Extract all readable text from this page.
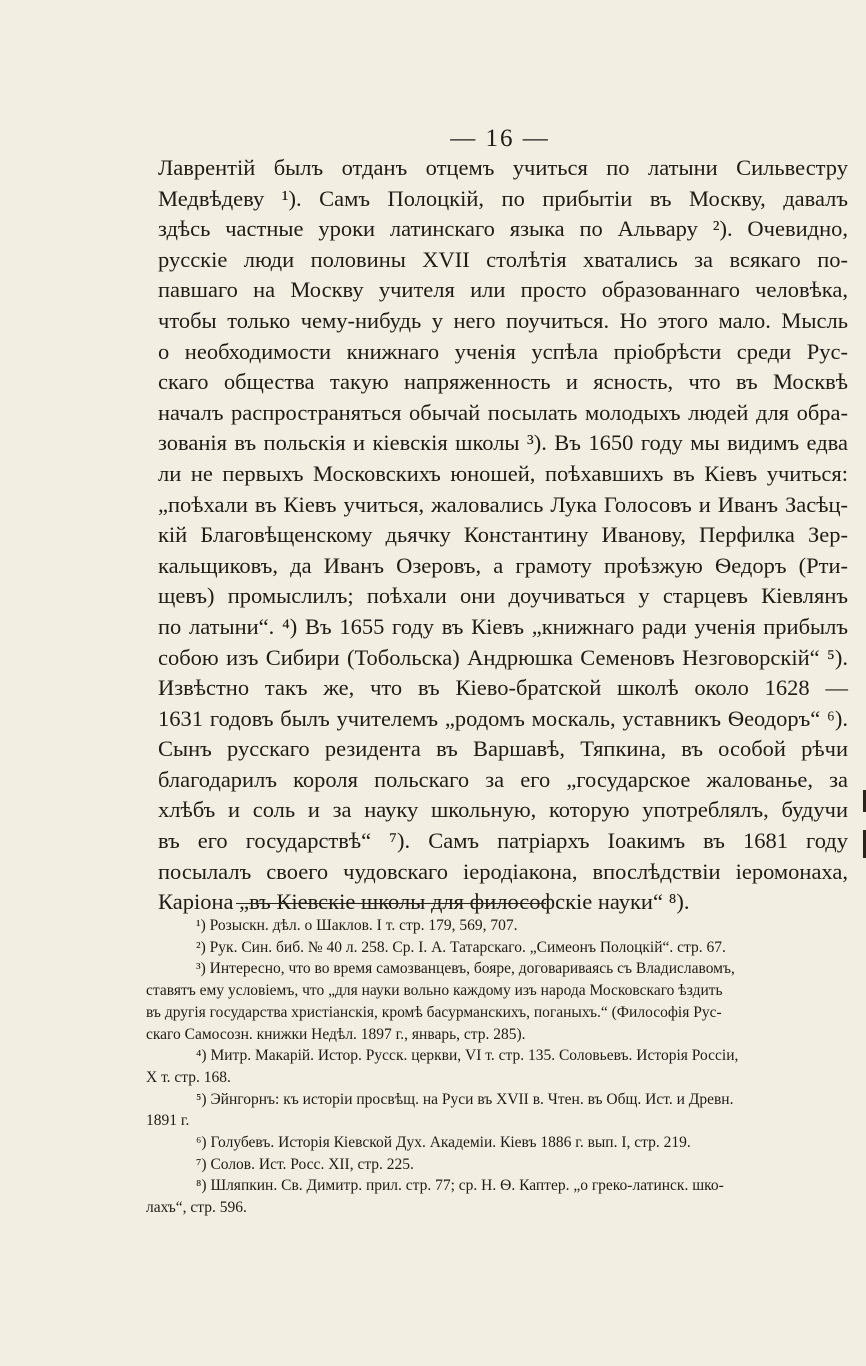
— 16 —
Лаврентій былъ отданъ отцемъ учиться по латыни Сильвестру
Медвѣдеву ¹). Самъ Полоцкій, по прибытіи въ Москву, давалъ
здѣсь частные уроки латинскаго языка по Альвару ²). Очевидно,
русскіе люди половины XVII столѣтія хватались за всякаго по-
павшаго на Москву учителя или просто образованнаго человѣка,
чтобы только чему-нибудь у него поучиться. Но этого мало. Мысль
о необходимости книжнаго ученія успѣла пріобрѣсти среди Рус-
скаго общества такую напряженность и ясность, что въ Москвѣ
началъ распространяться обычай посылать молодыхъ людей для обра-
зованія въ польскія и кіевскія школы ³). Въ 1650 году мы видимъ едва
ли не первыхъ Московскихъ юношей, поѣхавшихъ въ Кіевъ учиться:
„поѣхали въ Кіевъ учиться, жаловались Лука Голосовъ и Иванъ Засѣц-
кій Благовѣщенскому дьячку Константину Иванову, Перфилка Зер-
кальщиковъ, да Иванъ Озеровъ, а грамоту проѣзжую Ѳедоръ (Рти-
щевъ) промыслилъ; поѣхали они доучиваться у старцевъ Кіевлянъ
по латыни“. ⁴) Въ 1655 году въ Кіевъ „книжнаго ради ученія прибылъ
собою изъ Сибири (Тобольска) Андрюшка Семеновъ Незговорскій“ ⁵).
Извѣстно такъ же, что въ Кіево-братской школѣ около 1628 —
1631 годовъ былъ учителемъ „родомъ москаль, уставникъ Ѳеодоръ“ ⁶).
Сынъ русскаго резидента въ Варшавѣ, Тяпкина, въ особой рѣчи
благодарилъ короля польскаго за его „государское жалованье, за
хлѣбъ и соль и за науку школьную, которую употреблялъ, будучи
въ его государствѣ“ ⁷). Самъ патріархъ Іоакимъ въ 1681 году
посылалъ своего чудовскаго іеродіакона, впослѣдствіи іеромонаха,
Каріона „въ Кіевскіе школы для философскіе науки“ ⁸).
¹) Розыскн. дѣл. о Шаклов. I т. стр. 179, 569, 707.
²) Рук. Син. биб. № 40 л. 258. Ср. І. А. Татарскаго. „Симеонъ Полоцкій“. стр. 67.
³) Интересно, что во время самозванцевъ, бояре, договариваясь съ Владиславомъ,
ставятъ ему условіемъ, что „для науки вольно каждому изъ народа Московскаго ѣздить
въ другія государства христіанскія, кромѣ басурманскихъ, поганыхъ.“ (Философія Рус-
скаго Самосозн. книжки Недѣл. 1897 г., январь, стр. 285).
⁴) Митр. Макарій. Истор. Русск. церкви, VI т. стр. 135. Соловьевъ. Исторія Россіи,
X т. стр. 168.
⁵) Эйнгорнъ: къ исторіи просвѣщ. на Руси въ XVII в. Чтен. въ Общ. Ист. и Древн.
1891 г.
⁶) Голубевъ. Исторія Кіевской Дух. Академіи. Кіевъ 1886 г. вып. I, стр. 219.
⁷) Солов. Ист. Росс. XII, стр. 225.
⁸) Шляпкин. Св. Димитр. прил. стр. 77; ср. Н. Ѳ. Каптер. „о греко-латинск. шко-
лахъ“, стр. 596.
